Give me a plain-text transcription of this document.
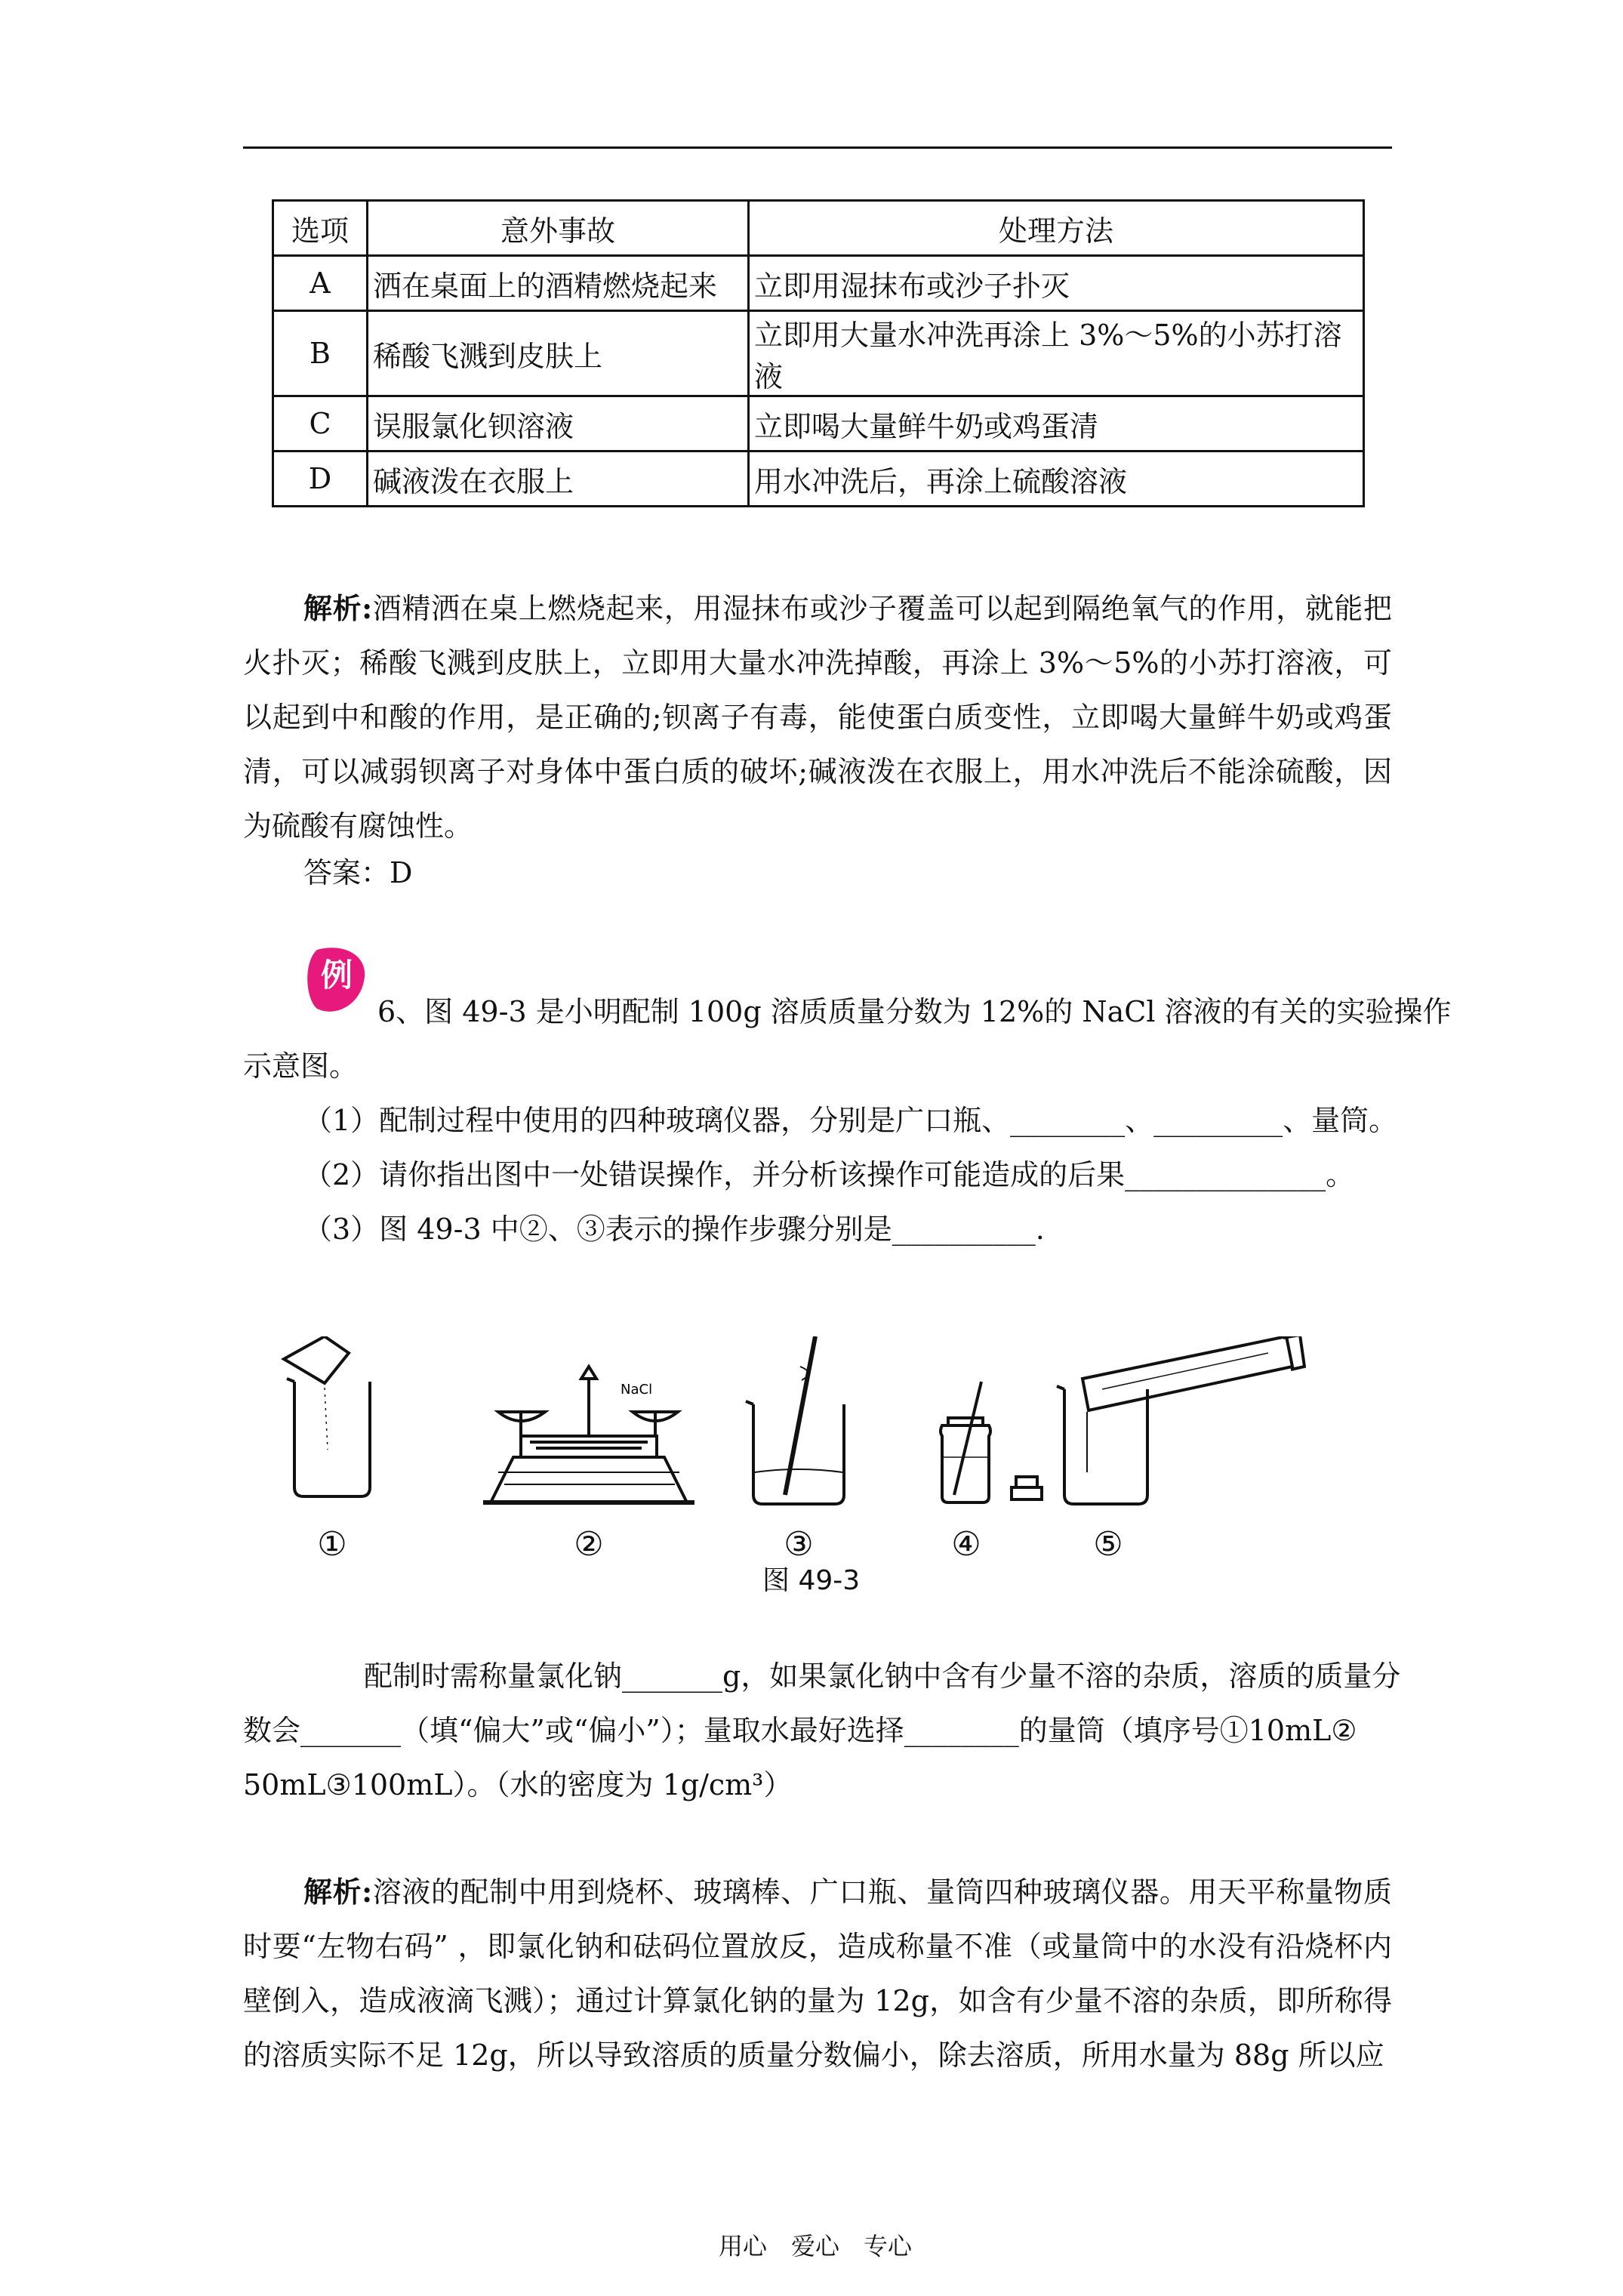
选项	意外事故	处理方法
A	洒在桌面上的酒精燃烧起来	立即用湿抹布或沙子扑灭
B	稀酸飞溅到皮肤上	立即用大量水冲洗再涂上 3%～5%的小苏打溶液
C	误服氯化钡溶液	立即喝大量鲜牛奶或鸡蛋清
D	碱液泼在衣服上	用水冲洗后，再涂上硫酸溶液
解析:酒精洒在桌上燃烧起来，用湿抹布或沙子覆盖可以起到隔绝氧气的作用，就能把火扑灭；稀酸飞溅到皮肤上，立即用大量水冲洗掉酸，再涂上 3%～5%的小苏打溶液，可以起到中和酸的作用，是正确的;钡离子有毒，能使蛋白质变性，立即喝大量鲜牛奶或鸡蛋清，可以减弱钡离子对身体中蛋白质的破坏;碱液泼在衣服上，用水冲洗后不能涂硫酸，因为硫酸有腐蚀性。
答案：D
例
6、图 49-3 是小明配制 100g 溶质质量分数为 12%的 NaCl 溶液的有关的实验操作
示意图。
（1）配制过程中使用的四种玻璃仪器，分别是广口瓶、________、_________、量筒。
（2）请你指出图中一处错误操作，并分析该操作可能造成的后果______________。
（3）图 49-3 中②、③表示的操作步骤分别是__________.
NaCl
①	②	③	④	⑤
图 49-3
配制时需称量氯化钠_______g，如果氯化钠中含有少量不溶的杂质，溶质的质量分
数会_______（填“偏大”或“偏小”）；量取水最好选择________的量筒（填序号①10mL②
50mL③100mL）。（水的密度为 1g/cm³）
解析:溶液的配制中用到烧杯、玻璃棒、广口瓶、量筒四种玻璃仪器。用天平称量物质时要“左物右码” ，即氯化钠和砝码位置放反，造成称量不准（或量筒中的水没有沿烧杯内壁倒入，造成液滴飞溅）；通过计算氯化钠的量为 12g，如含有少量不溶的杂质，即所称得的溶质实际不足 12g，所以导致溶质的质量分数偏小，除去溶质，所用水量为 88g 所以应
用心　爱心　专心
